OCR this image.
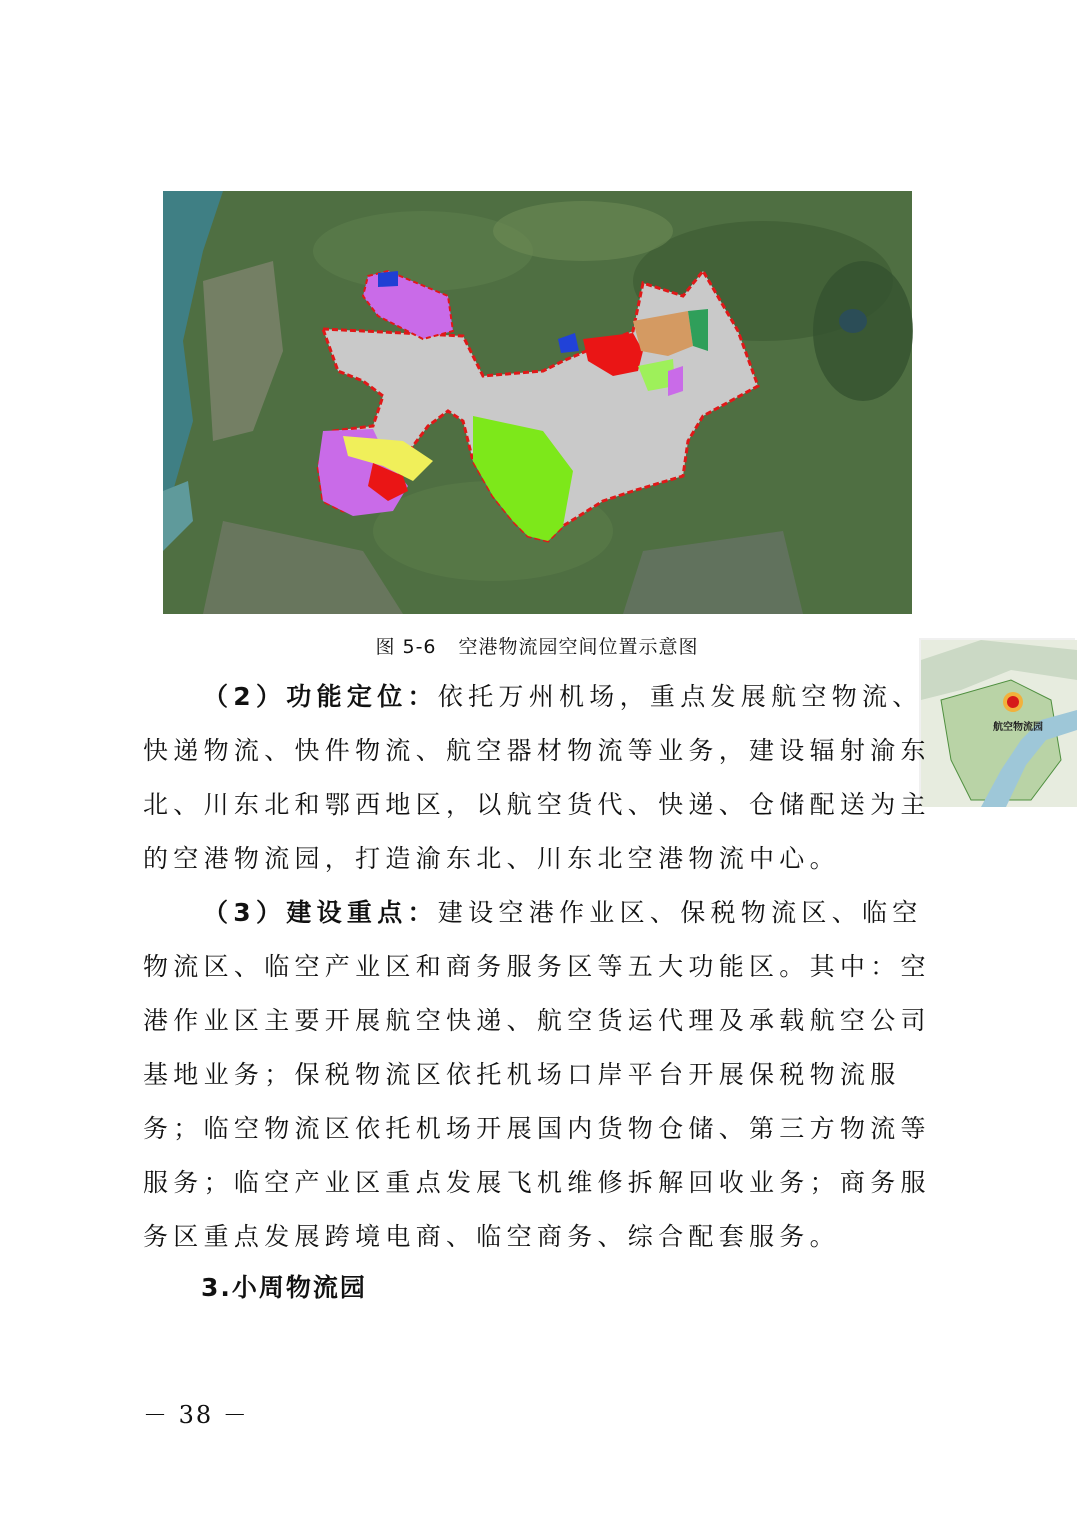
航空物流园
图 5-6 空港物流园空间位置示意图

（2）功能定位：依托万州机场，重点发展航空物流、快递物流、快件物流、航空器材物流等业务，建设辐射渝东北、川东北和鄂西地区，以航空货代、快递、仓储配送为主的空港物流园，打造渝东北、川东北空港物流中心。

（3）建设重点：建设空港作业区、保税物流区、临空物流区、临空产业区和商务服务区等五大功能区。其中：空港作业区主要开展航空快递、航空货运代理及承载航空公司基地业务；保税物流区依托机场口岸平台开展保税物流服务；临空物流区依托机场开展国内货物仓储、第三方物流等服务；临空产业区重点发展飞机维修拆解回收业务；商务服务区重点发展跨境电商、临空商务、综合配套服务。

3.小周物流园
－ 38 －
